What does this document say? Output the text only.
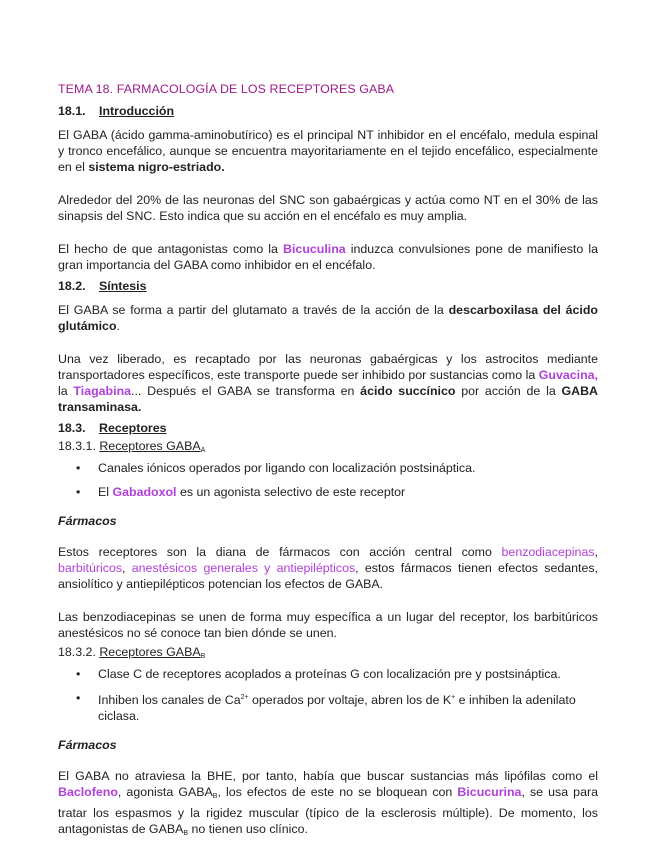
TEMA 18. FARMACOLOGÍA DE LOS RECEPTORES GABA
18.1. Introducción

El GABA (ácido gamma-aminobutírico) es el principal NT inhibidor en el encéfalo, medula espinal y tronco encefálico, aunque se encuentra mayoritariamente en el tejido encefálico, especialmente en el sistema nigro-estriado.

Alrededor del 20% de las neuronas del SNC son gabaérgicas y actúa como NT en el 30% de las sinapsis del SNC. Esto indica que su acción en el encéfalo es muy amplia.

El hecho de que antagonistas como la Bicuculina induzca convulsiones pone de manifiesto la gran importancia del GABA como inhibidor en el encéfalo.

18.2. Síntesis

El GABA se forma a partir del glutamato a través de la acción de la descarboxilasa del ácido glutámico.

Una vez liberado, es recaptado por las neuronas gabaérgicas y los astrocitos mediante transportadores específicos, este transporte puede ser inhibido por sustancias como la Guvacina, la Tiagabina... Después el GABA se transforma en ácido succínico por acción de la GABA transaminasa.

18.3. Receptores
18.3.1. Receptores $GABA_A$
• Canales iónicos operados por ligando con localización postsináptica.
• El Gabadoxol es un agonista selectivo de este receptor
Fármacos

Estos receptores son la diana de fármacos con acción central como benzodiacepinas, barbitúricos, anestésicos generales y antiepilépticos, estos fármacos tienen efectos sedantes, ansiolítico y antiepilépticos potencian los efectos de GABA.

Las benzodiacepinas se unen de forma muy específica a un lugar del receptor, los barbitúricos anestésicos no sé conoce tan bien dónde se unen.

18.3.2. Receptores $GABA_B$
• Clase C de receptores acoplados a proteínas G con localización pre y postsináptica.
• Inhiben los canales de $Ca^{2+}$ operados por voltaje, abren los de K+ e inhiben la adenilato ciclasa.
Fármacos

El GABA no atraviesa la BHE, por tanto, había que buscar sustancias más lipófilas como el Baclofeno, agonista $GABA_B$, los efectos de este no se bloquean con Bicucurina, se usa para tratar los espasmos y la rigidez muscular (típico de la esclerosis múltiple). De momento, los antagonistas de $GABA_B$ no tienen uso clínico.
